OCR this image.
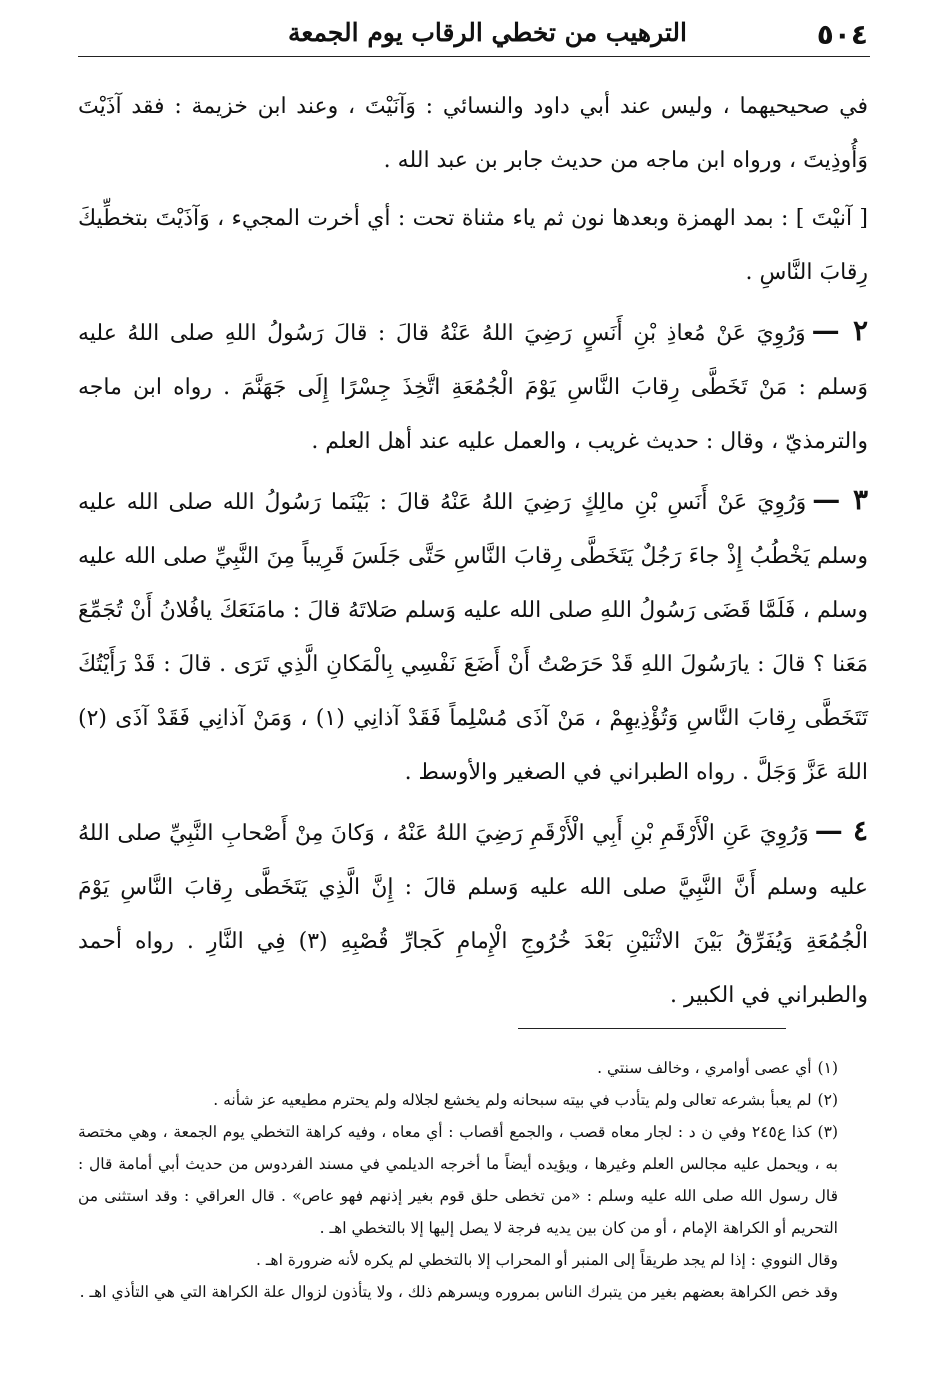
٥٠٤
الترهيب من تخطي الرقاب يوم الجمعة

في صحيحيهما ، وليس عند أبي داود والنسائي : وَآنَيْتَ ، وعند ابن خزيمة : فقد آذَيْتَ وَأُوذِيتَ ، ورواه ابن ماجه من حديث جابر بن عبد الله .

[ آنيْتَ ] : بمد الهمزة وبعدها نون ثم ياء مثناة تحت : أي أخرت المجيء ، وَآذَيْتَ بتخطِّيكَ رِقابَ النَّاسِ .

٢ —وَرُوِيَ عَنْ مُعاذِ بْنِ أَنَسٍ رَضِيَ اللهُ عَنْهُ قالَ : قالَ رَسُولُ اللهِ صلى اللهُ عليه وَسلم : مَنْ تَخَطَّى رِقابَ النَّاسِ يَوْمَ الْجُمُعَةِ اتَّخِذَ جِسْرًا إِلَى جَهَنَّمَ . رواه ابن ماجه والترمذيّ ، وقال : حديث غريب ، والعمل عليه عند أهل العلم .

٣ —وَرُوِيَ عَنْ أَنَسِ بْنِ مالِكٍ رَضِيَ اللهُ عَنْهُ قالَ : بَيْنَما رَسُولُ الله صلى الله عليه وسلم يَخْطُبُ إِذْ جاءَ رَجُلٌ يَتَخَطَّى رِقابَ النَّاسِ حَتَّى جَلَسَ قَرِيباً مِنَ النَّبِيِّ صلى الله عليه وسلم ، فَلَمَّا قَضَى رَسُولُ اللهِ صلى الله عليه وَسلم صَلاتَهُ قالَ : مامَنَعَكَ يافُلانُ أَنْ تُجَمِّعَ مَعَنا ؟ قالَ : يارَسُولَ اللهِ قَدْ حَرَصْتُ أَنْ أَضَعَ نَفْسِي بِالْمَكانِ الَّذِي تَرَى . قالَ : قَدْ رَأَيْتُكَ تَتَخَطَّى رِقابَ النَّاسِ وَتُؤْذِيهِمْ ، مَنْ آذَى مُسْلِماً فَقَدْ آذانِي (١) ، وَمَنْ آذانِي فَقَدْ آذَى (٢) اللهَ عَزَّ وَجَلَّ . رواه الطبراني في الصغير والأوسط .

٤ —وَرُوِيَ عَنِ الْأَرْقَمِ بْنِ أَبِي الْأَرْقَمِ رَضِيَ اللهُ عَنْهُ ، وَكانَ مِنْ أَصْحابِ النَّبِيِّ صلى اللهُ عليه وسلم أَنَّ النَّبِيَّ صلى الله عليه وَسلم قالَ : إِنَّ الَّذِي يَتَخَطَّى رِقابَ النَّاسِ يَوْمَ الْجُمُعَةِ وَيُفَرِّقُ بَيْنَ الاثْنَيْنِ بَعْدَ خُرُوجِ الْإِمامِ كَجارِّ قُصْبِهِ (٣) فِي النَّارِ . رواه أحمد والطبراني في الكبير .

(١)أي عصى أوامري ، وخالف سنتي .

(٢)لم يعبأ بشرعه تعالى ولم يتأدب في بيته سبحانه ولم يخشع لجلاله ولم يحترم مطيعيه عز شأنه .

(٣)كذا ع٢٤٥ وفي ن د : لجار معاه قصب ، والجمع أقصاب : أي معاه ، وفيه كراهة التخطي يوم الجمعة ، وهي مختصة به ، ويحمل عليه مجالس العلم وغيرها ، ويؤيده أيضاً ما أخرجه الديلمي في مسند الفردوس من حديث أبي أمامة قال : قال رسول الله صلى الله عليه وسلم : «من تخطى حلق قوم بغير إذنهم فهو عاص» . قال العراقي : وقد استثنى من التحريم أو الكراهة الإمام ، أو من كان بين يديه فرجة لا يصل إليها إلا بالتخطي اهـ .

وقال النووي : إذا لم يجد طريقاً إلى المنبر أو المحراب إلا بالتخطي لم يكره لأنه ضرورة اهـ .

وقد خص الكراهة بعضهم بغير من يتبرك الناس بمروره ويسرهم ذلك ، ولا يتأذون لزوال علة الكراهة التي هي التأذي اهـ .
